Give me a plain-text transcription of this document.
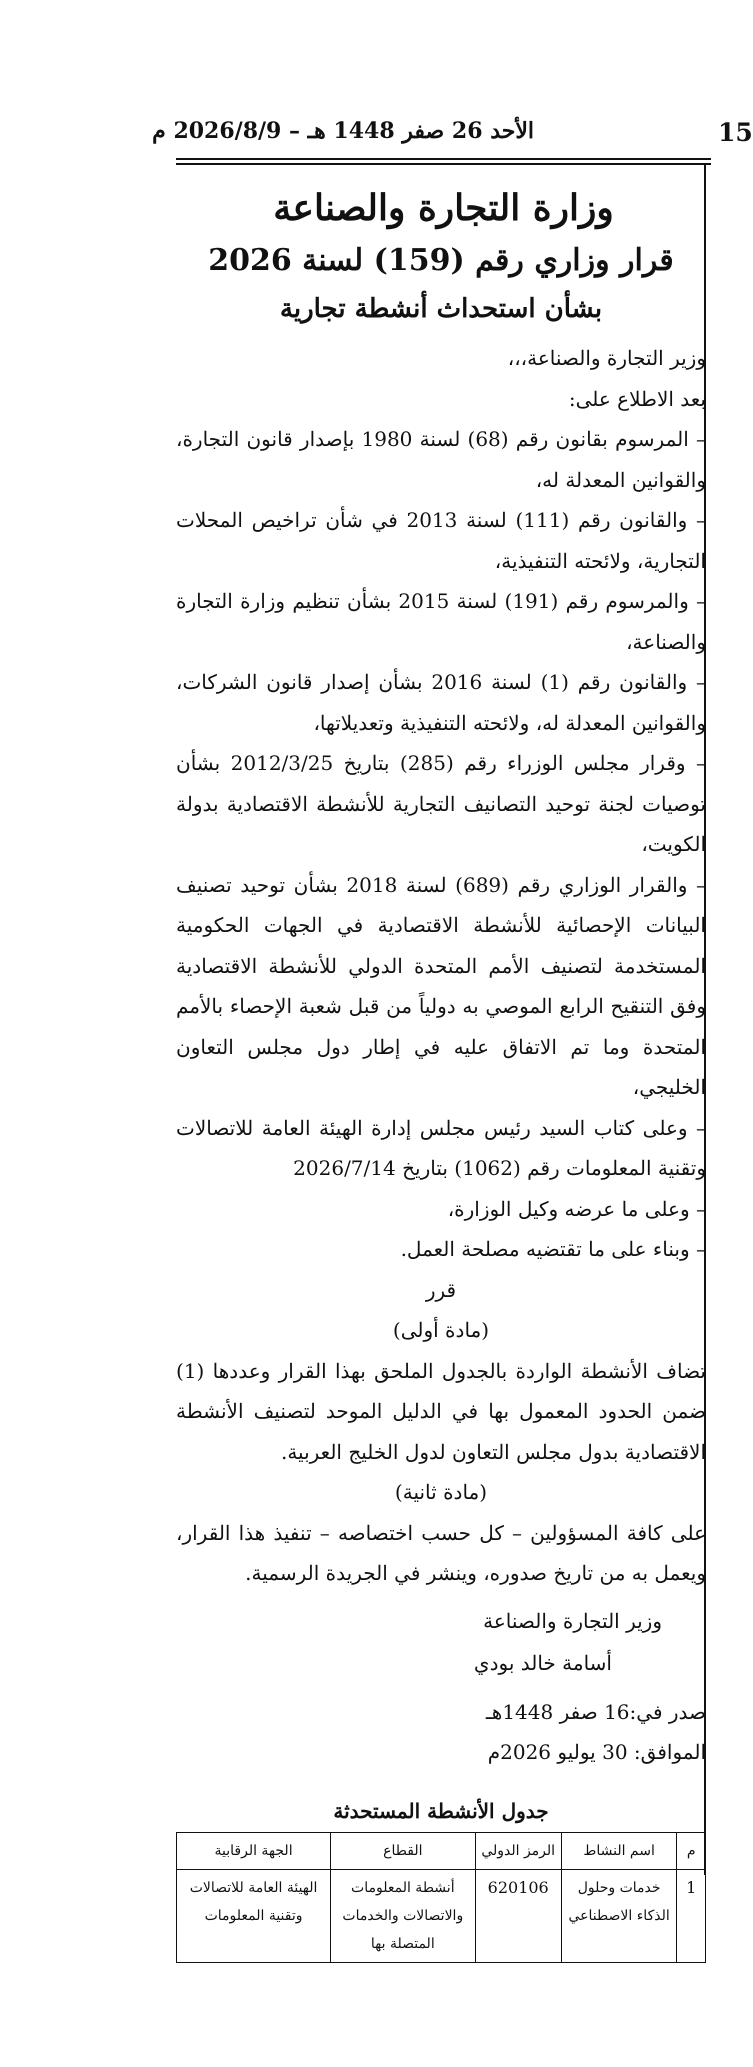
15
الأحد 26 صفر 1448 هـ – 2026/8/9 م
وزارة التجارة والصناعة
قرار وزاري رقم (159) لسنة 2026
بشأن استحداث أنشطة تجارية

وزير التجارة والصناعة،،،

بعد الاطلاع على:

– المرسوم بقانون رقم (68) لسنة 1980 بإصدار قانون التجارة، والقوانين المعدلة له،

– والقانون رقم (111) لسنة 2013 في شأن تراخيص المحلات التجارية، ولائحته التنفيذية،

– والمرسوم رقم (191) لسنة 2015 بشأن تنظيم وزارة التجارة والصناعة،

– والقانون رقم (1) لسنة 2016 بشأن إصدار قانون الشركات، والقوانين المعدلة له، ولائحته التنفيذية وتعديلاتها،

– وقرار مجلس الوزراء رقم (285) بتاريخ 2012/3/25 بشأن توصيات لجنة توحيد التصانيف التجارية للأنشطة الاقتصادية بدولة الكويت،

– والقرار الوزاري رقم (689) لسنة 2018 بشأن توحيد تصنيف البيانات الإحصائية للأنشطة الاقتصادية في الجهات الحكومية المستخدمة لتصنيف الأمم المتحدة الدولي للأنشطة الاقتصادية وفق التنقيح الرابع الموصي به دولياً من قبل شعبة الإحصاء بالأمم المتحدة وما تم الاتفاق عليه في إطار دول مجلس التعاون الخليجي،

– وعلى كتاب السيد رئيس مجلس إدارة الهيئة العامة للاتصالات وتقنية المعلومات رقم (1062) بتاريخ 2026/7/14

– وعلى ما عرضه وكيل الوزارة،

– وبناء على ما تقتضيه مصلحة العمل.

قرر

(مادة أولى)

تضاف الأنشطة الواردة بالجدول الملحق بهذا القرار وعددها (1) ضمن الحدود المعمول بها في الدليل الموحد لتصنيف الأنشطة الاقتصادية بدول مجلس التعاون لدول الخليج العربية.

(مادة ثانية)

على كافة المسؤولين – كل حسب اختصاصه – تنفيذ هذا القرار، ويعمل به من تاريخ صدوره، وينشر في الجريدة الرسمية.

وزير التجارة والصناعة
أسامة خالد بودي
صدر في:16 صفر 1448هـ
الموافق: 30 يوليو 2026م
جدول الأنشطة المستحدثة
م	اسم النشاط	الرمز الدولي	القطاع	الجهة الرقابية
1	خدمات وحلول الذكاء الاصطناعي	620106	أنشطة المعلومات والاتصالات والخدمات المتصلة بها	الهيئة العامة للاتصالات وتقنية المعلومات
